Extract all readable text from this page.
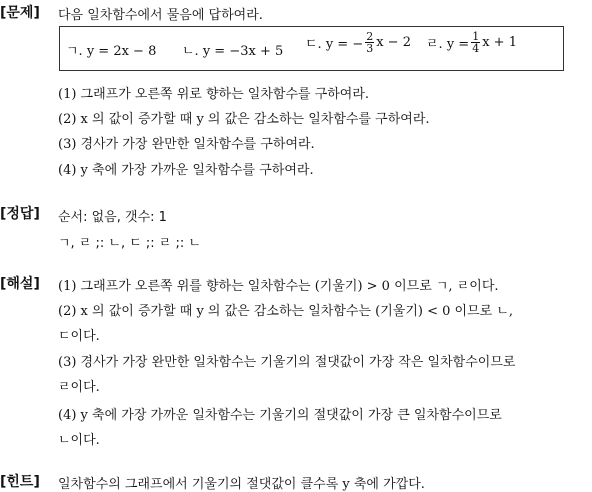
[문제] 다음 일차함수에서 물음에 답하여라.
ㄱ. y = 2x − 8 ㄴ. y = −3x + 5 ㄷ. y = − $\frac{2}{3}$ x − 2 ㄹ. $y = \frac{1}{4}$ x + 1
(1) 그래프가 오른쪽 위로 향하는 일차함수를 구하여라.
(2) x 의 값이 증가할 때 y 의 값은 감소하는 일차함수를 구하여라.
(3) 경사가 가장 완만한 일차함수를 구하여라.
(4) y 축에 가장 가까운 일차함수를 구하여라.
[정답] 순서: 없음, 갯수: 1
ㄱ, ㄹ ;: ㄴ, ㄷ ;: ㄹ ;: ㄴ
[해설] (1) 그래프가 오른쪽 위를 향하는 일차함수는 (기울기) > 0 이므로 ㄱ, ㄹ이다.
(2) x 의 값이 증가할 때 y 의 값은 감소하는 일차함수는 (기울기) < 0 이므로 ㄴ,
ㄷ이다.
(3) 경사가 가장 완만한 일차함수는 기울기의 절댓값이 가장 작은 일차함수이므로
ㄹ이다.
(4) y 축에 가장 가까운 일차함수는 기울기의 절댓값이 가장 큰 일차함수이므로
ㄴ이다.
[힌트] 일차함수의 그래프에서 기울기의 절댓값이 클수록 y 축에 가깝다.
